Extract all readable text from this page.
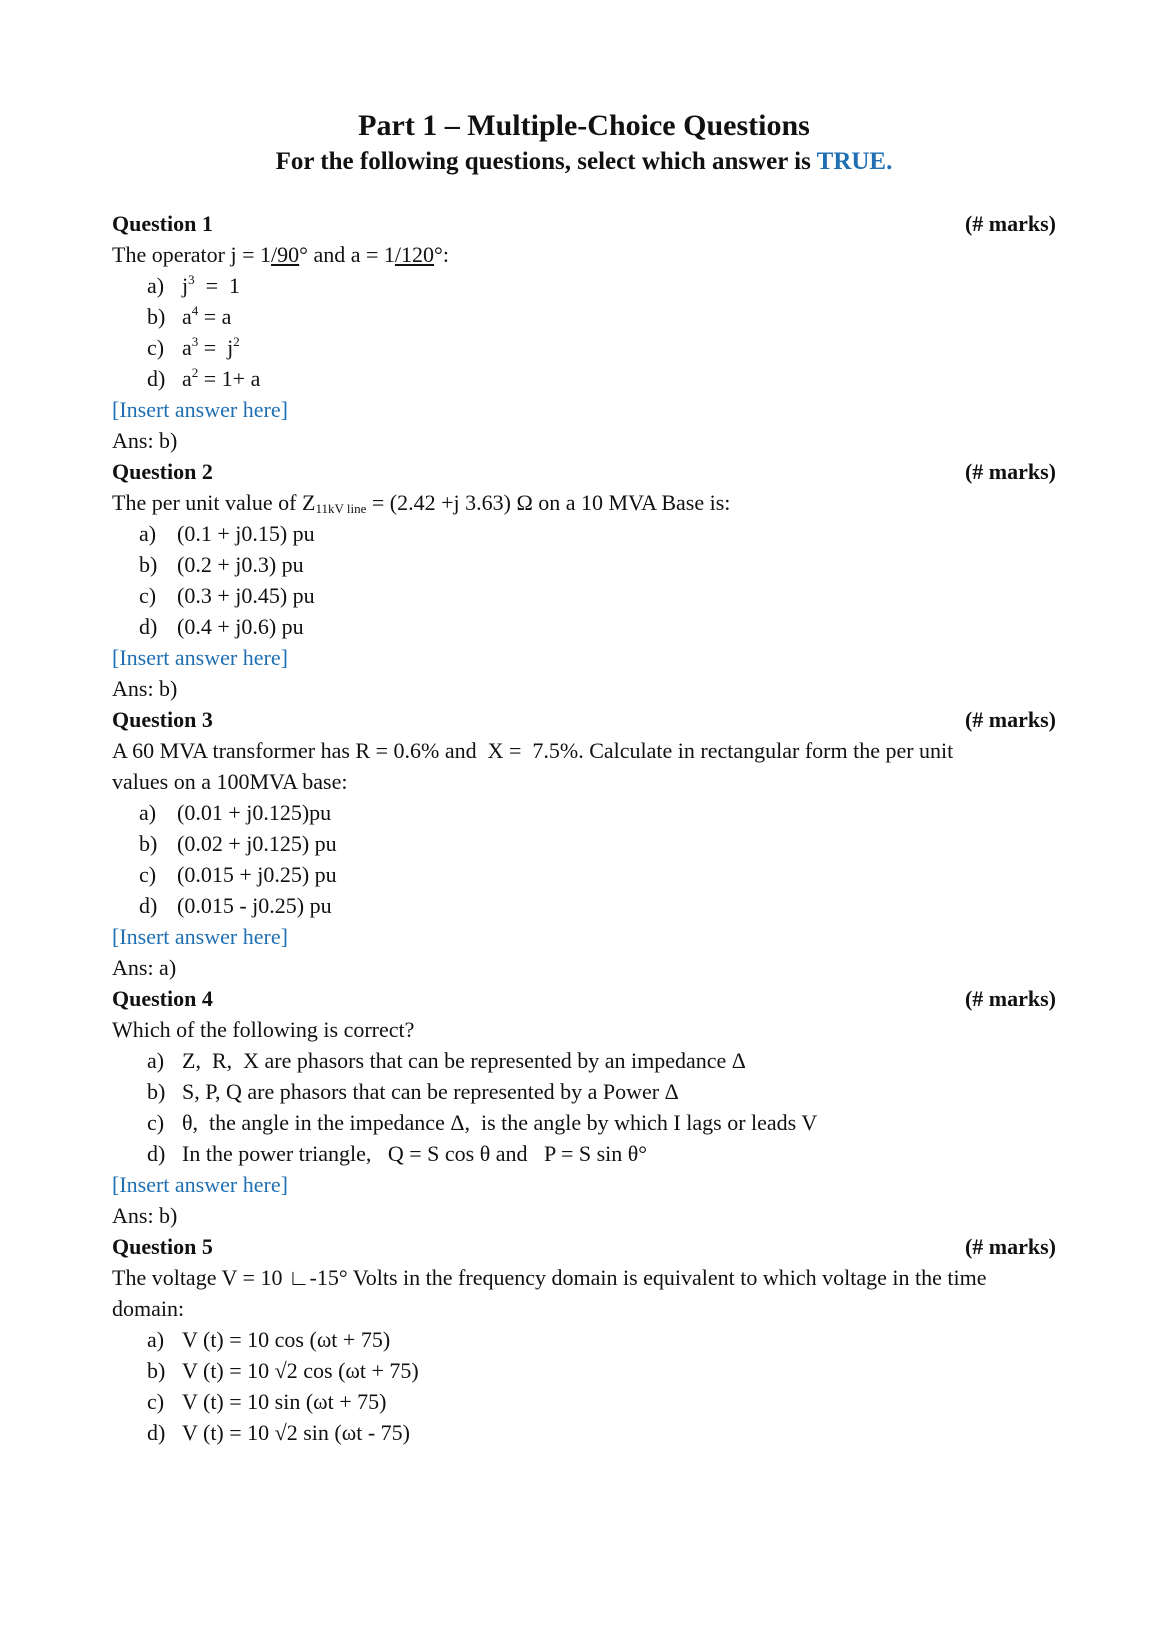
Part 1 – Multiple-Choice Questions

For the following questions, select which answer is TRUE.

Question 1	(# marks)
The operator j = 1/90° and a = 1/120°:
a) $j^3 = 1$
b) $a^4 = a$
c) $a^3 = j^2$
d) $a^2 = 1+ a$
[Insert answer here]
Ans: b)
Question 2	(# marks)
The per unit value of $Z_{11kV line} = (2.42 +j$ 3.63) Ω on a 10 MVA Base is:
a) (0.1 + j0.15) pu
b) (0.2 + j0.3) pu
c) (0.3 + j0.45) pu
d) (0.4 + j0.6) pu
[Insert answer here]
Ans: b)
Question 3	(# marks)
A 60 MVA transformer has R = 0.6% and  X =  7.5%. Calculate in rectangular form the per unit
values on a 100MVA base:
a) (0.01 + j0.125)pu
b) (0.02 + j0.125) pu
c) (0.015 + j0.25) pu
d) (0.015 - j0.25) pu
[Insert answer here]
Ans: a)
Question 4	(# marks)
Which of the following is correct?
a) Z,  R,  X are phasors that can be represented by an impedance Δ
b) S, P, Q are phasors that can be represented by a Power Δ
c) θ,  the angle in the impedance Δ,  is the angle by which I lags or leads V
d) In the power triangle,   Q = S cos θ and   P = S sin θ°
[Insert answer here]
Ans: b)
Question 5	(# marks)
The voltage V = 10 ∟-15° Volts in the frequency domain is equivalent to which voltage in the time
domain:
a) V (t) = 10 cos (ωt + 75)
b) V (t) = 10 √2 cos (ωt + 75)
c) V (t) = 10 sin (ωt + 75)
d) V (t) = 10 √2 sin (ωt - 75)
